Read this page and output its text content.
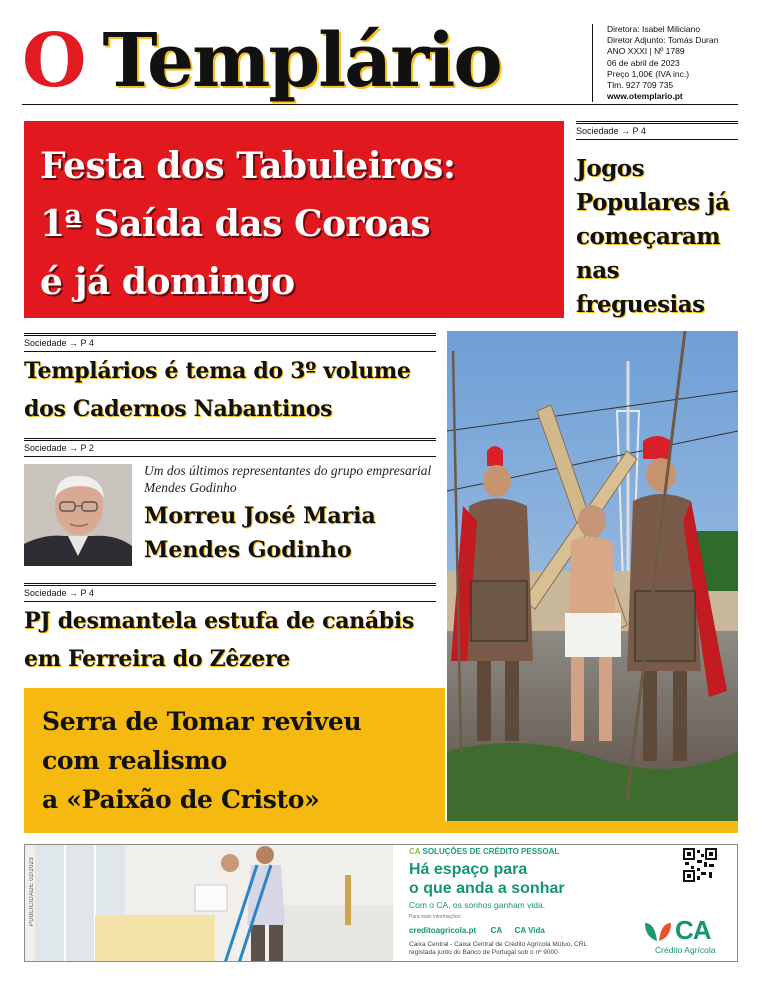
O Templário	Diretora: Isabel Miliciano
Diretor Adjunto: Tomás Duran
ANO XXXI | Nº 1789
06 de abril de 2023
Preço 1,00€ (IVA inc.)
Tlm. 927 709 735
www.otemplario.pt
Festa dos Tabuleiros:
1ª Saída das Coroas
é já domingo
Sociedade → P 4
Jogos Populares já começaram nas freguesias
Sociedade → P 4
Templários é tema do 3º volume dos Cadernos Nabantinos
Sociedade → P 2

Um dos últimos representantes do grupo empresarial Mendes Godinho

Morreu José Maria Mendes Godinho
Sociedade → P 4
PJ desmantela estufa de canábis em Ferreira do Zêzere
Serra de Tomar reviveu
com realismo
a «Paixão de Cristo»
PUBLICIDADE 02/2023
CA SOLUÇÕES DE CRÉDITO PESSOAL
Há espaço para
o que anda a sonhar
Com o CA, os sonhos ganham vida.
Para mais informações:
creditoagricola.pt CA CA Vida
Caixa Central - Caixa Central de Crédito Agrícola Mútuo, CRL
registada junto do Banco de Portugal sob o nº 9000
CA
Crédito Agrícola
